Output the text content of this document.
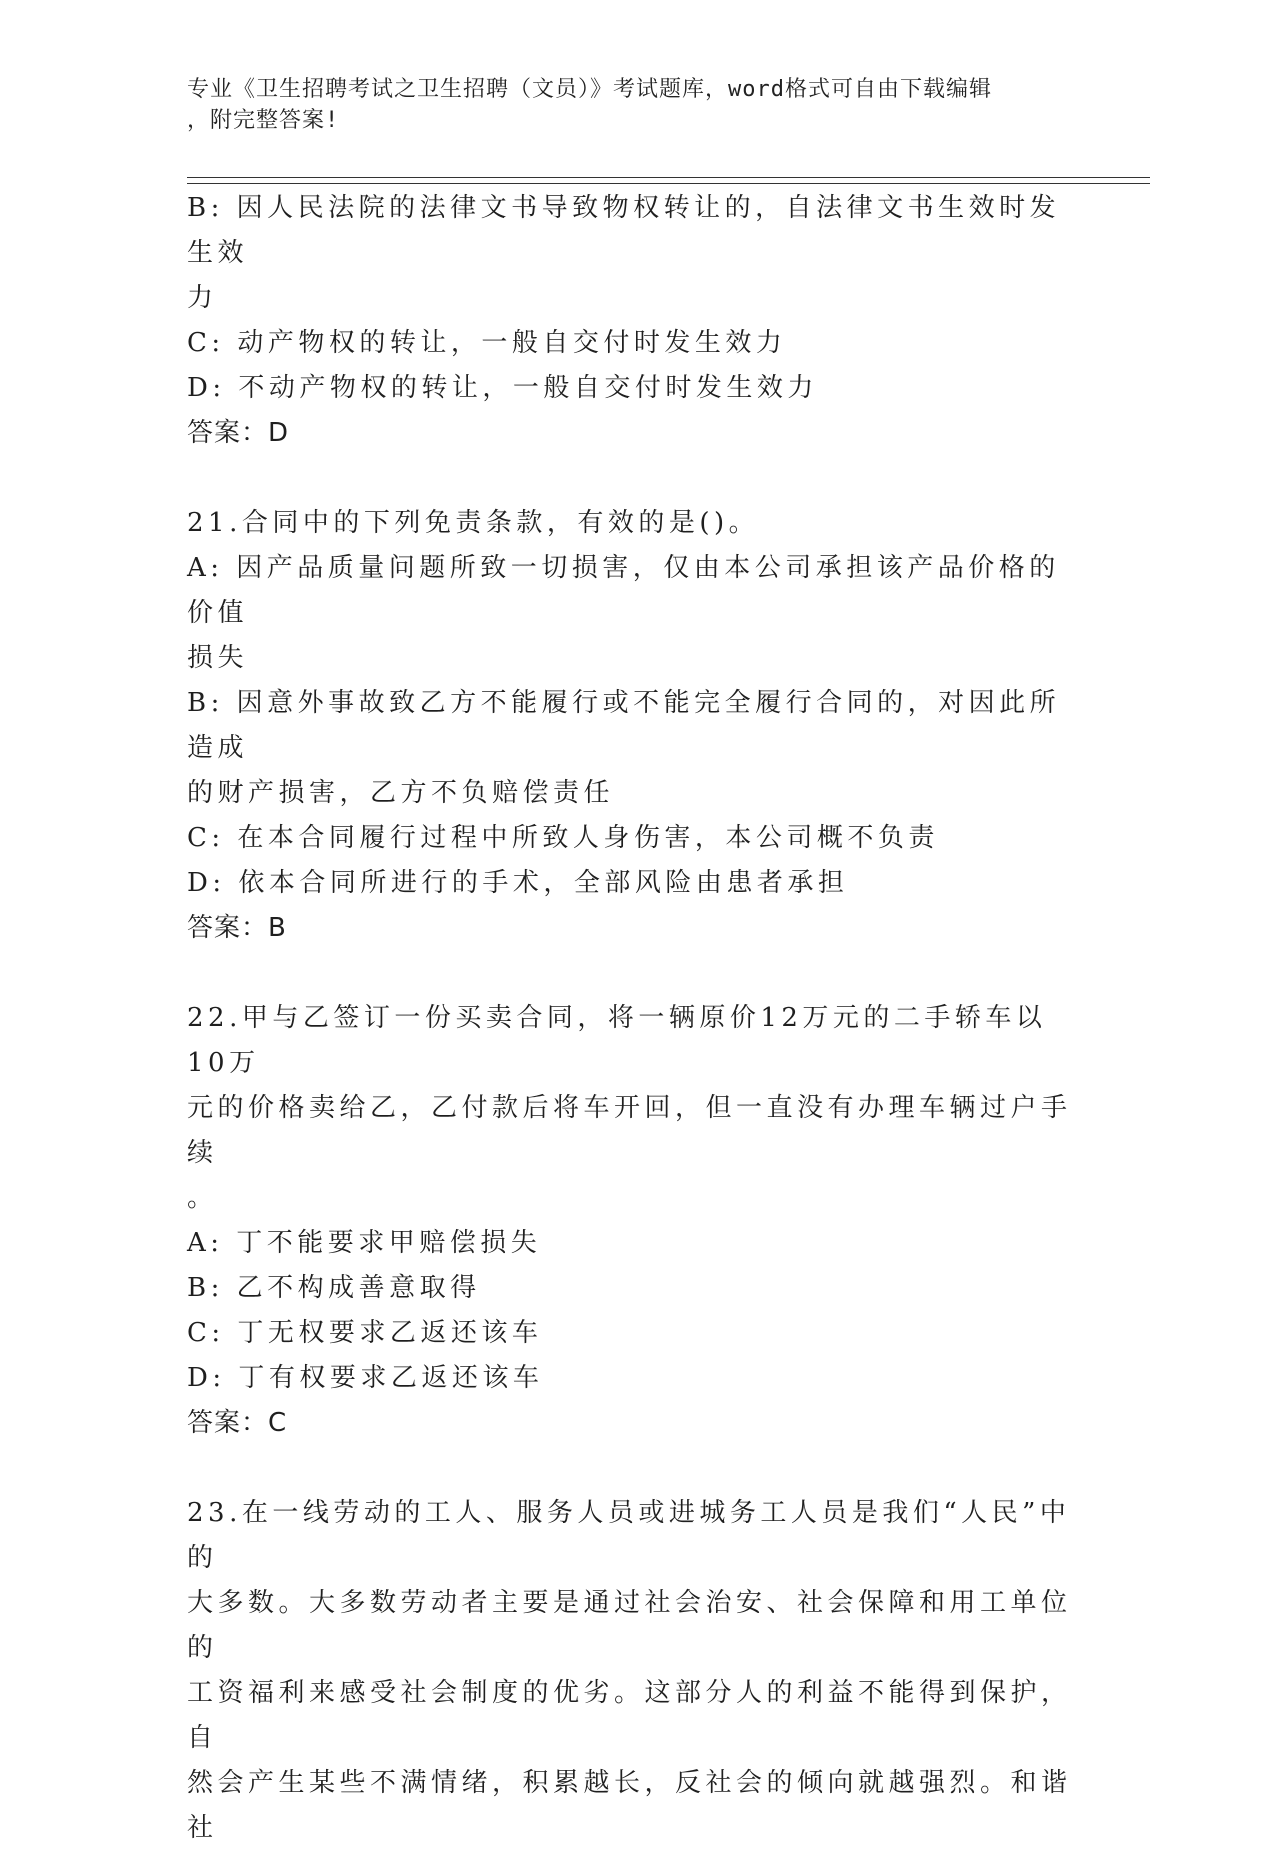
专业《卫生招聘考试之卫生招聘（文员）》考试题库，word格式可自由下载编辑
，附完整答案!

B: 因人民法院的法律文书导致物权转让的，自法律文书生效时发生效

力

C: 动产物权的转让，一般自交付时发生效力

D: 不动产物权的转让，一般自交付时发生效力

答案：D

21.合同中的下列免责条款，有效的是()。

A: 因产品质量问题所致一切损害，仅由本公司承担该产品价格的价值

损失

B: 因意外事故致乙方不能履行或不能完全履行合同的，对因此所造成

的财产损害，乙方不负赔偿责任

C: 在本合同履行过程中所致人身伤害，本公司概不负责

D: 依本合同所进行的手术，全部风险由患者承担

答案：B

22.甲与乙签订一份买卖合同，将一辆原价12万元的二手轿车以10万

元的价格卖给乙，乙付款后将车开回，但一直没有办理车辆过户手续

。

A: 丁不能要求甲赔偿损失

B: 乙不构成善意取得

C: 丁无权要求乙返还该车

D: 丁有权要求乙返还该车

答案：C

23.在一线劳动的工人、服务人员或进城务工人员是我们“人民”中的

大多数。大多数劳动者主要是通过社会治安、社会保障和用工单位的

工资福利来感受社会制度的优劣。这部分人的利益不能得到保护，自

然会产生某些不满情绪，积累越长，反社会的倾向就越强烈。和谐社
